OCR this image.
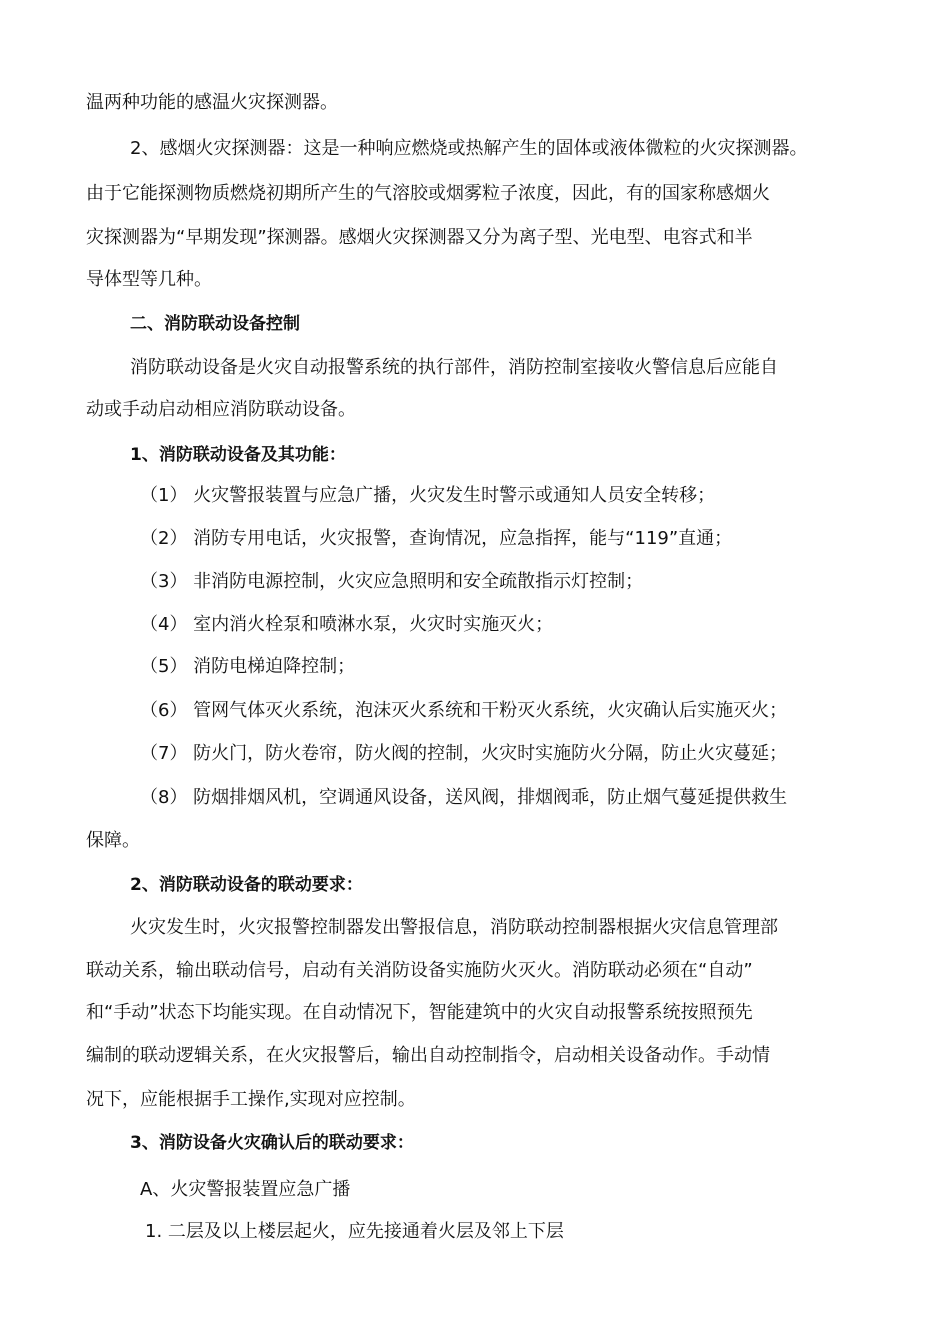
温两种功能的感温火灾探测器。
2、感烟火灾探测器：这是一种响应燃烧或热解产生的固体或液体微粒的火灾探测器。
由于它能探测物质燃烧初期所产生的气溶胶或烟雾粒子浓度，因此，有的国家称感烟火
灾探测器为“早期发现”探测器。感烟火灾探测器又分为离子型、光电型、电容式和半
导体型等几种。
二、消防联动设备控制
消防联动设备是火灾自动报警系统的执行部件，消防控制室接收火警信息后应能自
动或手动启动相应消防联动设备。
1、消防联动设备及其功能：
（1） 火灾警报装置与应急广播，火灾发生时警示或通知人员安全转移；
（2） 消防专用电话，火灾报警，查询情况，应急指挥，能与“119”直通；
（3） 非消防电源控制，火灾应急照明和安全疏散指示灯控制；
（4） 室内消火栓泵和喷淋水泵，火灾时实施灭火；
（5） 消防电梯迫降控制；
（6） 管网气体灭火系统，泡沫灭火系统和干粉灭火系统，火灾确认后实施灭火；
（7） 防火门，防火卷帘，防火阀的控制，火灾时实施防火分隔，防止火灾蔓延；
（8） 防烟排烟风机，空调通风设备，送风阀，排烟阀乖，防止烟气蔓延提供救生
保障。
2、消防联动设备的联动要求：
火灾发生时，火灾报警控制器发出警报信息，消防联动控制器根据火灾信息管理部
联动关系，输出联动信号，启动有关消防设备实施防火灭火。消防联动必须在“自动”
和“手动”状态下均能实现。在自动情况下，智能建筑中的火灾自动报警系统按照预先
编制的联动逻辑关系，在火灾报警后，输出自动控制指令，启动相关设备动作。手动情
况下，应能根据手工操作,实现对应控制。
3、消防设备火灾确认后的联动要求：
A、火灾警报装置应急广播
1. 二层及以上楼层起火，应先接通着火层及邻上下层
